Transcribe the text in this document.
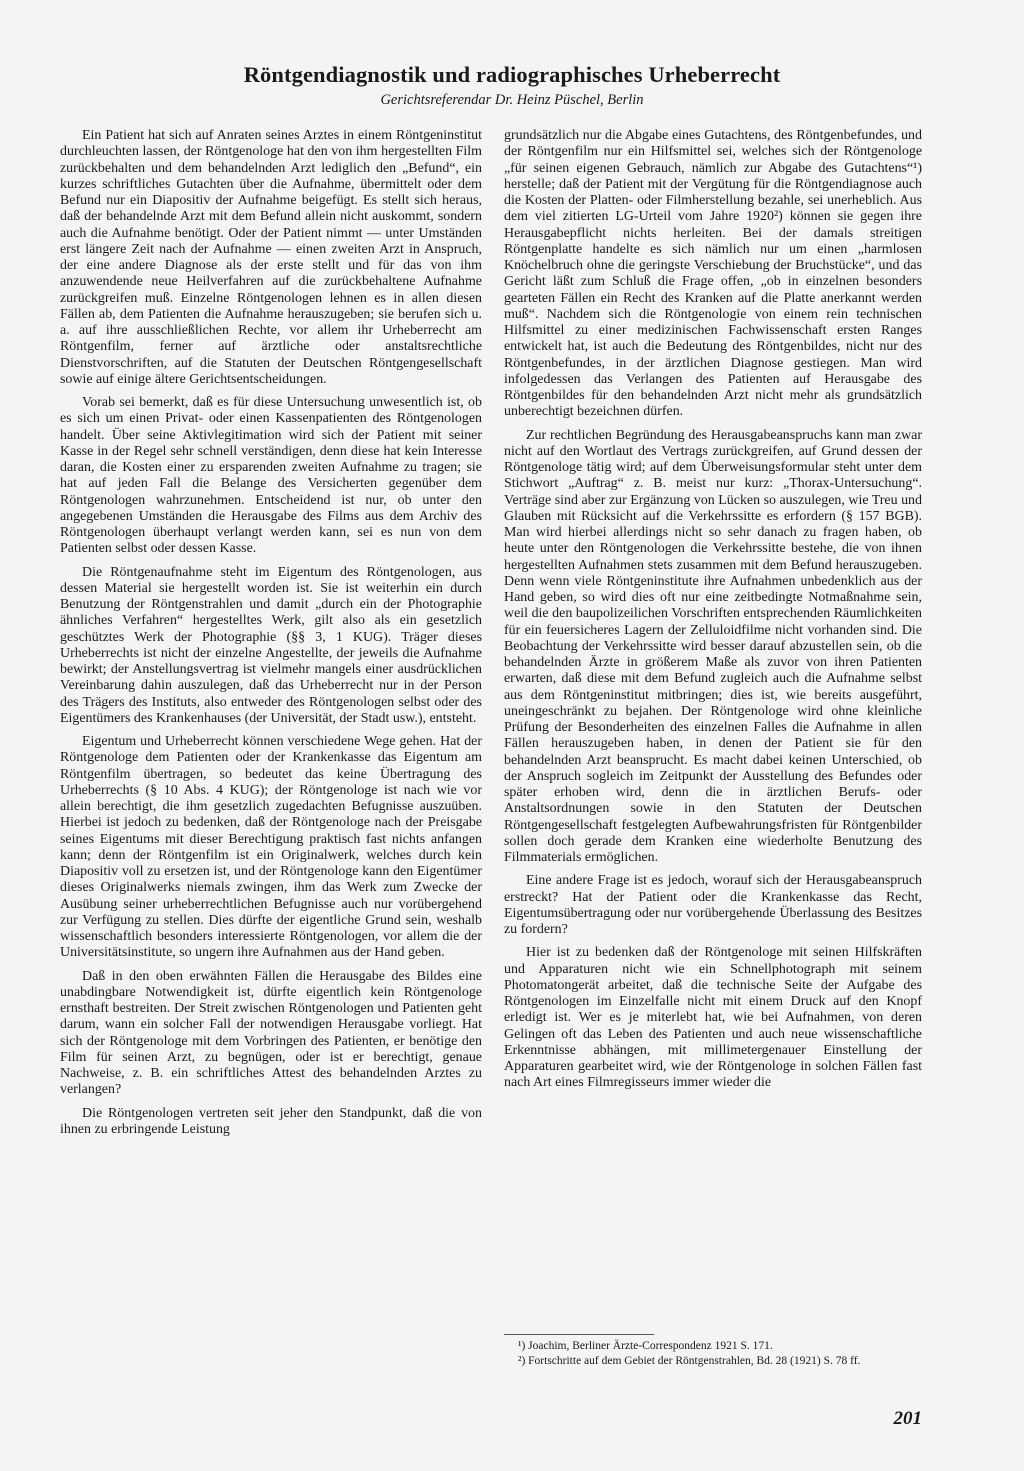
Röntgendiagnostik und radiographisches Urheberrecht
Gerichtsreferendar Dr. Heinz Püschel, Berlin

Ein Patient hat sich auf Anraten seines Arztes in einem Röntgeninstitut durchleuchten lassen, der Röntgenologe hat den von ihm hergestellten Film zurückbehalten und dem behandelnden Arzt lediglich den „Befund“, ein kurzes schriftliches Gutachten über die Aufnahme, übermittelt oder dem Befund nur ein Diapositiv der Aufnahme beigefügt. Es stellt sich heraus, daß der behandelnde Arzt mit dem Befund allein nicht auskommt, sondern auch die Aufnahme benötigt. Oder der Patient nimmt — unter Umständen erst längere Zeit nach der Aufnahme — einen zweiten Arzt in Anspruch, der eine andere Diagnose als der erste stellt und für das von ihm anzuwendende neue Heilverfahren auf die zurückbehaltene Aufnahme zurückgreifen muß. Einzelne Röntgenologen lehnen es in allen diesen Fällen ab, dem Patienten die Aufnahme herauszugeben; sie berufen sich u. a. auf ihre ausschließlichen Rechte, vor allem ihr Urheberrecht am Röntgenfilm, ferner auf ärztliche oder anstaltsrechtliche Dienstvorschriften, auf die Statuten der Deutschen Röntgengesellschaft sowie auf einige ältere Gerichtsentscheidungen.

Vorab sei bemerkt, daß es für diese Untersuchung unwesentlich ist, ob es sich um einen Privat- oder einen Kassenpatienten des Röntgenologen handelt. Über seine Aktivlegitimation wird sich der Patient mit seiner Kasse in der Regel sehr schnell verständigen, denn diese hat kein Interesse daran, die Kosten einer zu ersparenden zweiten Aufnahme zu tragen; sie hat auf jeden Fall die Belange des Versicherten gegenüber dem Röntgenologen wahrzunehmen. Entscheidend ist nur, ob unter den angegebenen Umständen die Herausgabe des Films aus dem Archiv des Röntgenologen überhaupt verlangt werden kann, sei es nun von dem Patienten selbst oder dessen Kasse.

Die Röntgenaufnahme steht im Eigentum des Röntgenologen, aus dessen Material sie hergestellt worden ist. Sie ist weiterhin ein durch Benutzung der Röntgenstrahlen und damit „durch ein der Photographie ähnliches Verfahren“ hergestelltes Werk, gilt also als ein gesetzlich geschütztes Werk der Photographie (§§ 3, 1 KUG). Träger dieses Urheberrechts ist nicht der einzelne Angestellte, der jeweils die Aufnahme bewirkt; der Anstellungsvertrag ist vielmehr mangels einer ausdrücklichen Vereinbarung dahin auszulegen, daß das Urheberrecht nur in der Person des Trägers des Instituts, also entweder des Röntgenologen selbst oder des Eigentümers des Krankenhauses (der Universität, der Stadt usw.), entsteht.

Eigentum und Urheberrecht können verschiedene Wege gehen. Hat der Röntgenologe dem Patienten oder der Krankenkasse das Eigentum am Röntgenfilm übertragen, so bedeutet das keine Übertragung des Urheberrechts (§ 10 Abs. 4 KUG); der Röntgenologe ist nach wie vor allein berechtigt, die ihm gesetzlich zugedachten Befugnisse auszuüben. Hierbei ist jedoch zu bedenken, daß der Röntgenologe nach der Preisgabe seines Eigentums mit dieser Berechtigung praktisch fast nichts anfangen kann; denn der Röntgenfilm ist ein Originalwerk, welches durch kein Diapositiv voll zu ersetzen ist, und der Röntgenologe kann den Eigentümer dieses Originalwerks niemals zwingen, ihm das Werk zum Zwecke der Ausübung seiner urheberrechtlichen Befugnisse auch nur vorübergehend zur Verfügung zu stellen. Dies dürfte der eigentliche Grund sein, weshalb wissenschaftlich besonders interessierte Röntgenologen, vor allem die der Universitätsinstitute, so ungern ihre Aufnahmen aus der Hand geben.

Daß in den oben erwähnten Fällen die Herausgabe des Bildes eine unabdingbare Notwendigkeit ist, dürfte eigentlich kein Röntgenologe ernsthaft bestreiten. Der Streit zwischen Röntgenologen und Patienten geht darum, wann ein solcher Fall der notwendigen Herausgabe vorliegt. Hat sich der Röntgenologe mit dem Vorbringen des Patienten, er benötige den Film für seinen Arzt, zu begnügen, oder ist er berechtigt, genaue Nachweise, z. B. ein schriftliches Attest des behandelnden Arztes zu verlangen?

Die Röntgenologen vertreten seit jeher den Standpunkt, daß die von ihnen zu erbringende Leistung

grundsätzlich nur die Abgabe eines Gutachtens, des Röntgenbefundes, und der Röntgenfilm nur ein Hilfsmittel sei, welches sich der Röntgenologe „für seinen eigenen Gebrauch, nämlich zur Abgabe des Gutachtens“¹) herstelle; daß der Patient mit der Vergütung für die Röntgendiagnose auch die Kosten der Platten- oder Filmherstellung bezahle, sei unerheblich. Aus dem viel zitierten LG-Urteil vom Jahre 1920²) können sie gegen ihre Herausgabepflicht nichts herleiten. Bei der damals streitigen Röntgenplatte handelte es sich nämlich nur um einen „harmlosen Knöchelbruch ohne die geringste Verschiebung der Bruchstücke“, und das Gericht läßt zum Schluß die Frage offen, „ob in einzelnen besonders gearteten Fällen ein Recht des Kranken auf die Platte anerkannt werden muß“. Nachdem sich die Röntgenologie von einem rein technischen Hilfsmittel zu einer medizinischen Fachwissenschaft ersten Ranges entwickelt hat, ist auch die Bedeutung des Röntgenbildes, nicht nur des Röntgenbefundes, in der ärztlichen Diagnose gestiegen. Man wird infolgedessen das Verlangen des Patienten auf Herausgabe des Röntgenbildes für den behandelnden Arzt nicht mehr als grundsätzlich unberechtigt bezeichnen dürfen.

Zur rechtlichen Begründung des Herausgabeanspruchs kann man zwar nicht auf den Wortlaut des Vertrags zurückgreifen, auf Grund dessen der Röntgenologe tätig wird; auf dem Überweisungsformular steht unter dem Stichwort „Auftrag“ z. B. meist nur kurz: „Thorax-Untersuchung“. Verträge sind aber zur Ergänzung von Lücken so auszulegen, wie Treu und Glauben mit Rücksicht auf die Verkehrssitte es erfordern (§ 157 BGB). Man wird hierbei allerdings nicht so sehr danach zu fragen haben, ob heute unter den Röntgenologen die Verkehrssitte bestehe, die von ihnen hergestellten Aufnahmen stets zusammen mit dem Befund herauszugeben. Denn wenn viele Röntgeninstitute ihre Aufnahmen unbedenklich aus der Hand geben, so wird dies oft nur eine zeitbedingte Notmaßnahme sein, weil die den baupolizeilichen Vorschriften entsprechenden Räumlichkeiten für ein feuersicheres Lagern der Zelluloidfilme nicht vorhanden sind. Die Beobachtung der Verkehrssitte wird besser darauf abzustellen sein, ob die behandelnden Ärzte in größerem Maße als zuvor von ihren Patienten erwarten, daß diese mit dem Befund zugleich auch die Aufnahme selbst aus dem Röntgeninstitut mitbringen; dies ist, wie bereits ausgeführt, uneingeschränkt zu bejahen. Der Röntgenologe wird ohne kleinliche Prüfung der Besonderheiten des einzelnen Falles die Aufnahme in allen Fällen herauszugeben haben, in denen der Patient sie für den behandelnden Arzt beansprucht. Es macht dabei keinen Unterschied, ob der Anspruch sogleich im Zeitpunkt der Ausstellung des Befundes oder später erhoben wird, denn die in ärztlichen Berufs- oder Anstaltsordnungen sowie in den Statuten der Deutschen Röntgengesellschaft festgelegten Aufbewahrungsfristen für Röntgenbilder sollen doch gerade dem Kranken eine wiederholte Benutzung des Filmmaterials ermöglichen.

Eine andere Frage ist es jedoch, worauf sich der Herausgabeanspruch erstreckt? Hat der Patient oder die Krankenkasse das Recht, Eigentumsübertragung oder nur vorübergehende Überlassung des Besitzes zu fordern?

Hier ist zu bedenken daß der Röntgenologe mit seinen Hilfskräften und Apparaturen nicht wie ein Schnellphotograph mit seinem Photomatongerät arbeitet, daß die technische Seite der Aufgabe des Röntgenologen im Einzelfalle nicht mit einem Druck auf den Knopf erledigt ist. Wer es je miterlebt hat, wie bei Aufnahmen, von deren Gelingen oft das Leben des Patienten und auch neue wissenschaftliche Erkenntnisse abhängen, mit millimetergenauer Einstellung der Apparaturen gearbeitet wird, wie der Röntgenologe in solchen Fällen fast nach Art eines Filmregisseurs immer wieder die

¹) Joachim, Berliner Ärzte-Correspondenz 1921 S. 171.
²) Fortschritte auf dem Gebiet der Röntgenstrahlen, Bd. 28 (1921) S. 78 ff.
201
